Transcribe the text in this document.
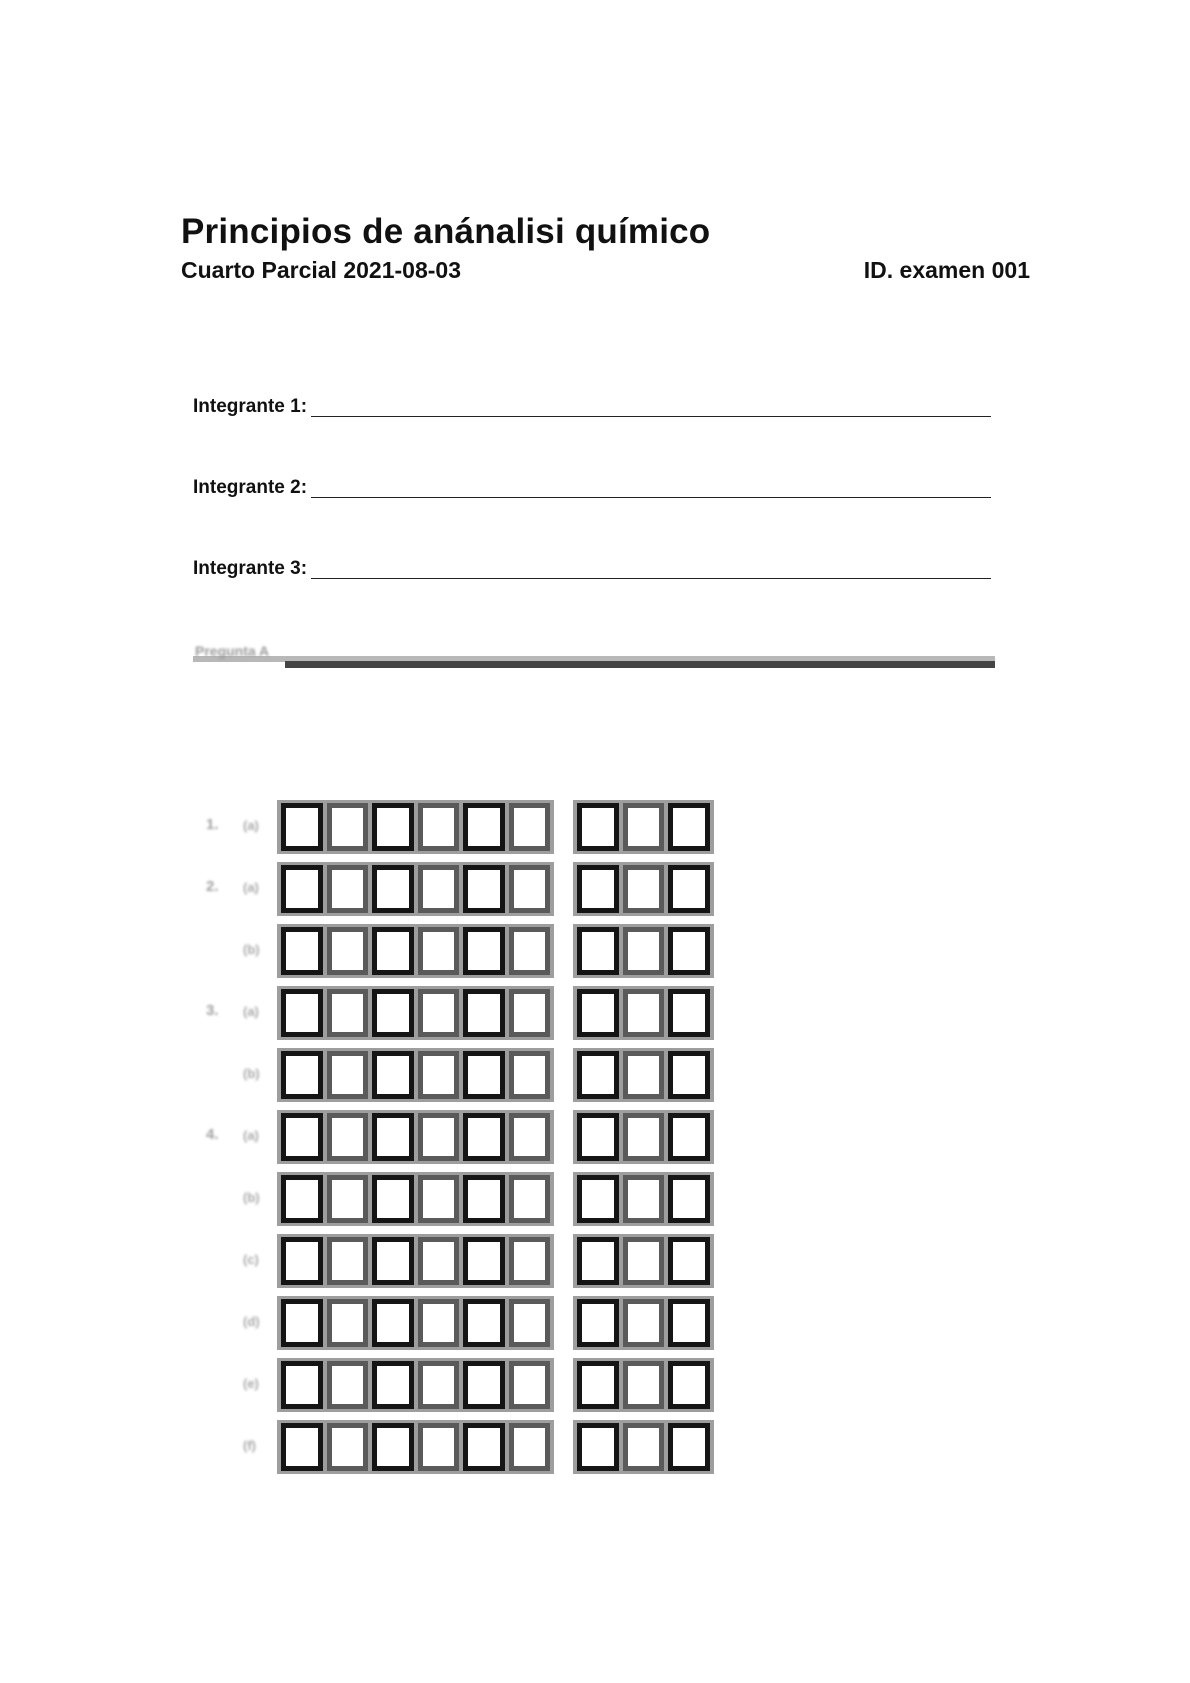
Principios de anánalisi químico
Cuarto Parcial 2021-08-03	ID. examen 001
Integrante 1:
Integrante 2:
Integrante 3:
Pregunta A
1. (a)
2. (a)
(b)
3. (a)
(b)
4. (a)
(b)
(c)
(d)
(e)
(f)
